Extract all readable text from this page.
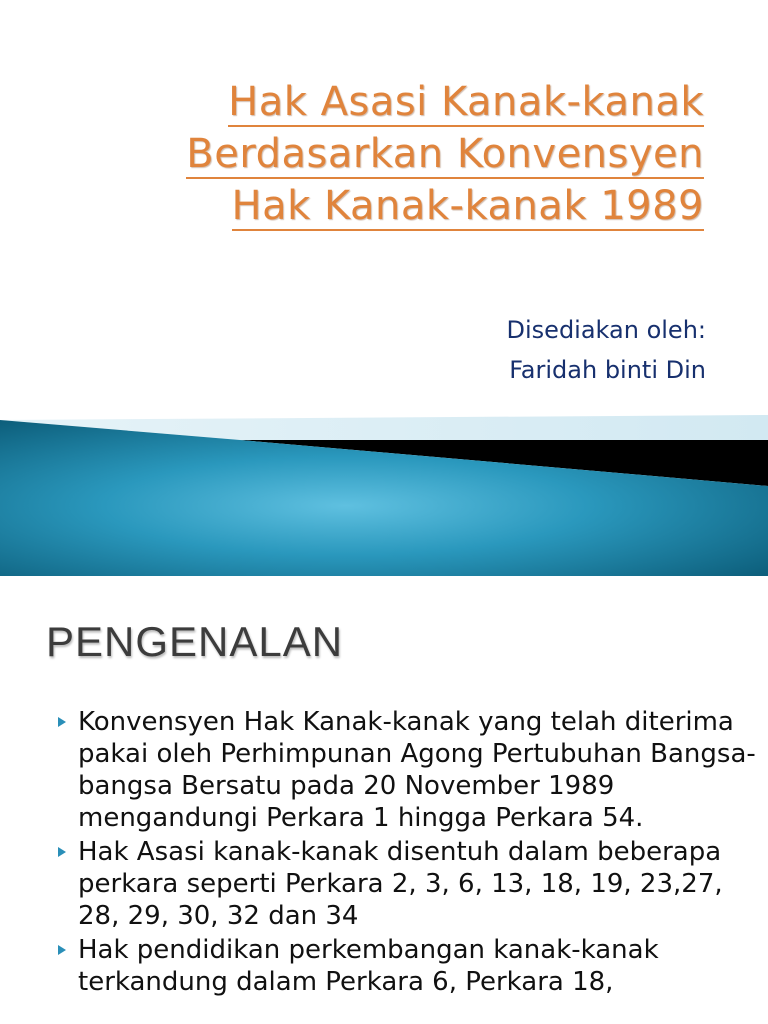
Hak Asasi Kanak-kanak
Berdasarkan Konvensyen
Hak Kanak-kanak 1989
Disediakan oleh:
Faridah binti Din
PENGENALAN
Konvensyen Hak Kanak-kanak yang telah diterima pakai oleh Perhimpunan Agong Pertubuhan Bangsa-bangsa Bersatu pada 20 November 1989 mengandungi Perkara 1 hingga Perkara 54.
Hak Asasi kanak-kanak disentuh dalam beberapa perkara seperti Perkara 2, 3, 6, 13, 18, 19, 23,27, 28, 29, 30, 32 dan 34
Hak pendidikan perkembangan kanak-kanak terkandung dalam Perkara 6, Perkara 18,
